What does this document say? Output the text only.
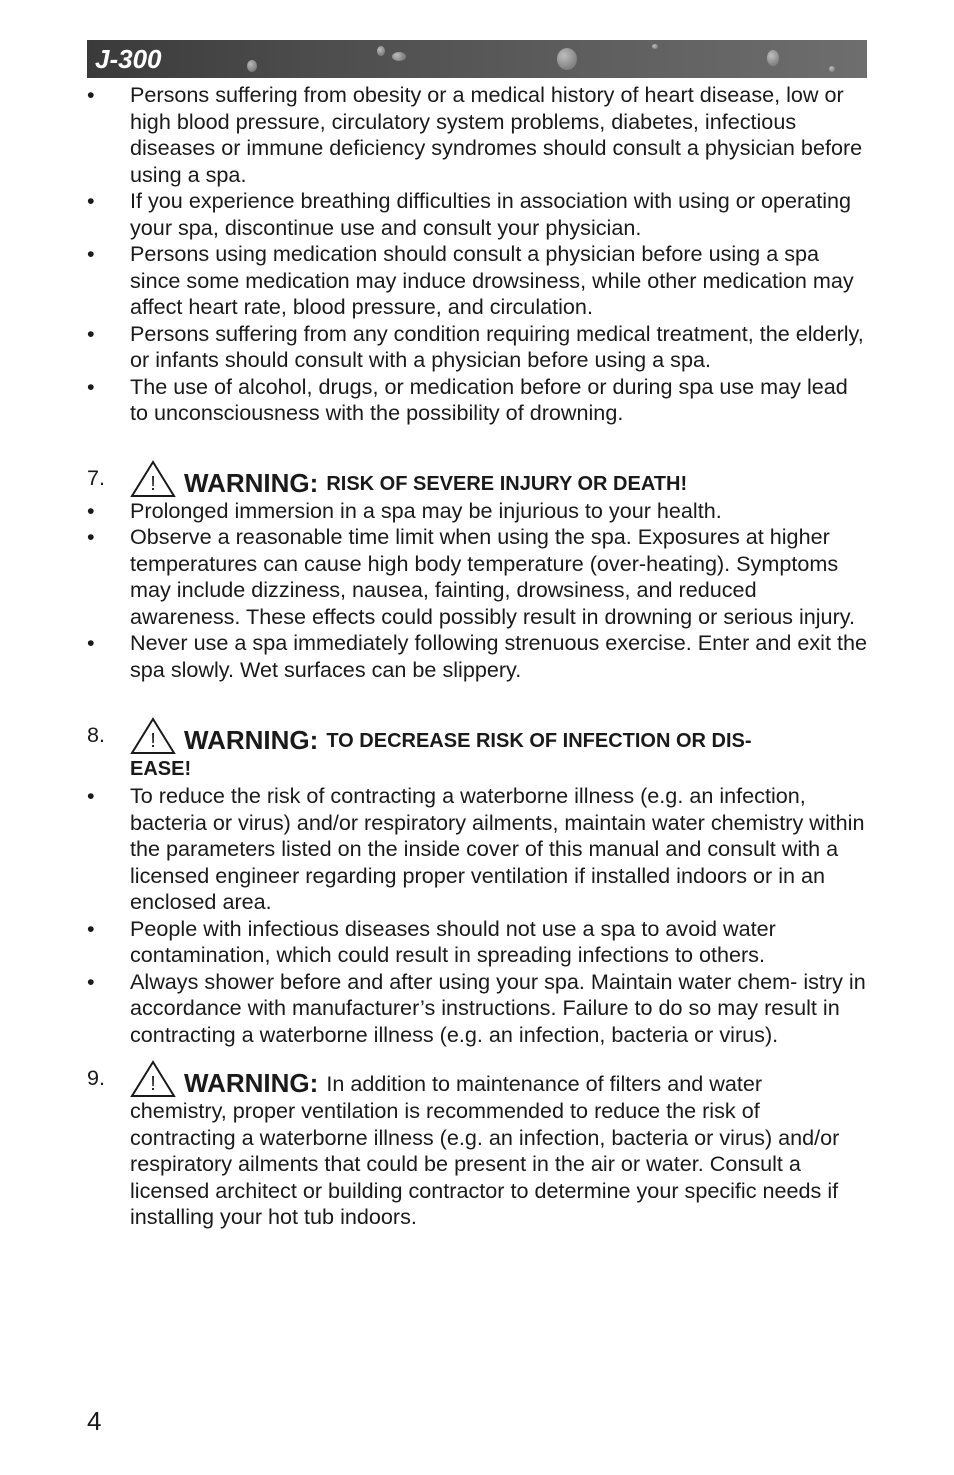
J-300
• Persons suffering from obesity or a medical history of heart disease, low or high blood pressure, circulatory system problems, diabetes, infectious diseases or immune deficiency syndromes should consult a physician before using a spa.
• If you experience breathing difficulties in association with using or operating your spa, discontinue use and consult your physician.
• Persons using medication should consult a physician before using a spa since some medication may induce drowsiness, while other medication may affect heart rate, blood pressure, and circulation.
• Persons suffering from any condition requiring medical treatment, the elderly, or infants should consult with a physician before using a spa.
• The use of alcohol, drugs, or medication before or during spa use may lead to unconsciousness with the possibility of drowning.
7. ! WARNING: RISK OF SEVERE INJURY OR DEATH!
• Prolonged immersion in a spa may be injurious to your health.
• Observe a reasonable time limit when using the spa. Exposures at higher temperatures can cause high body temperature (over-heating). Symptoms may include dizziness, nausea, fainting, drowsiness, and reduced awareness. These effects could possibly result in drowning or serious injury.
• Never use a spa immediately following strenuous exercise. Enter and exit the spa slowly. Wet surfaces can be slippery.
8. ! WARNING: TO DECREASE RISK OF INFECTION OR DIS-
EASE!
• To reduce the risk of contracting a waterborne illness (e.g. an infection, bacteria or virus) and/or respiratory ailments, maintain water chemistry within the parameters listed on the inside cover of this manual and consult with a licensed engineer regarding proper ventilation if installed indoors or in an enclosed area.
• People with infectious diseases should not use a spa to avoid water contamination, which could result in spreading infections to others.
• Always shower before and after using your spa. Maintain water chem- istry in accordance with manufacturer’s instructions. Failure to do so may result in contracting a waterborne illness (e.g. an infection, bacteria or virus).
9. ! WARNING: In addition to maintenance of filters and water
chemistry, proper ventilation is recommended to reduce the risk of contracting a waterborne illness (e.g. an infection, bacteria or virus) and/or respiratory ailments that could be present in the air or water. Consult a licensed architect or building contractor to determine your specific needs if installing your hot tub indoors.
4
